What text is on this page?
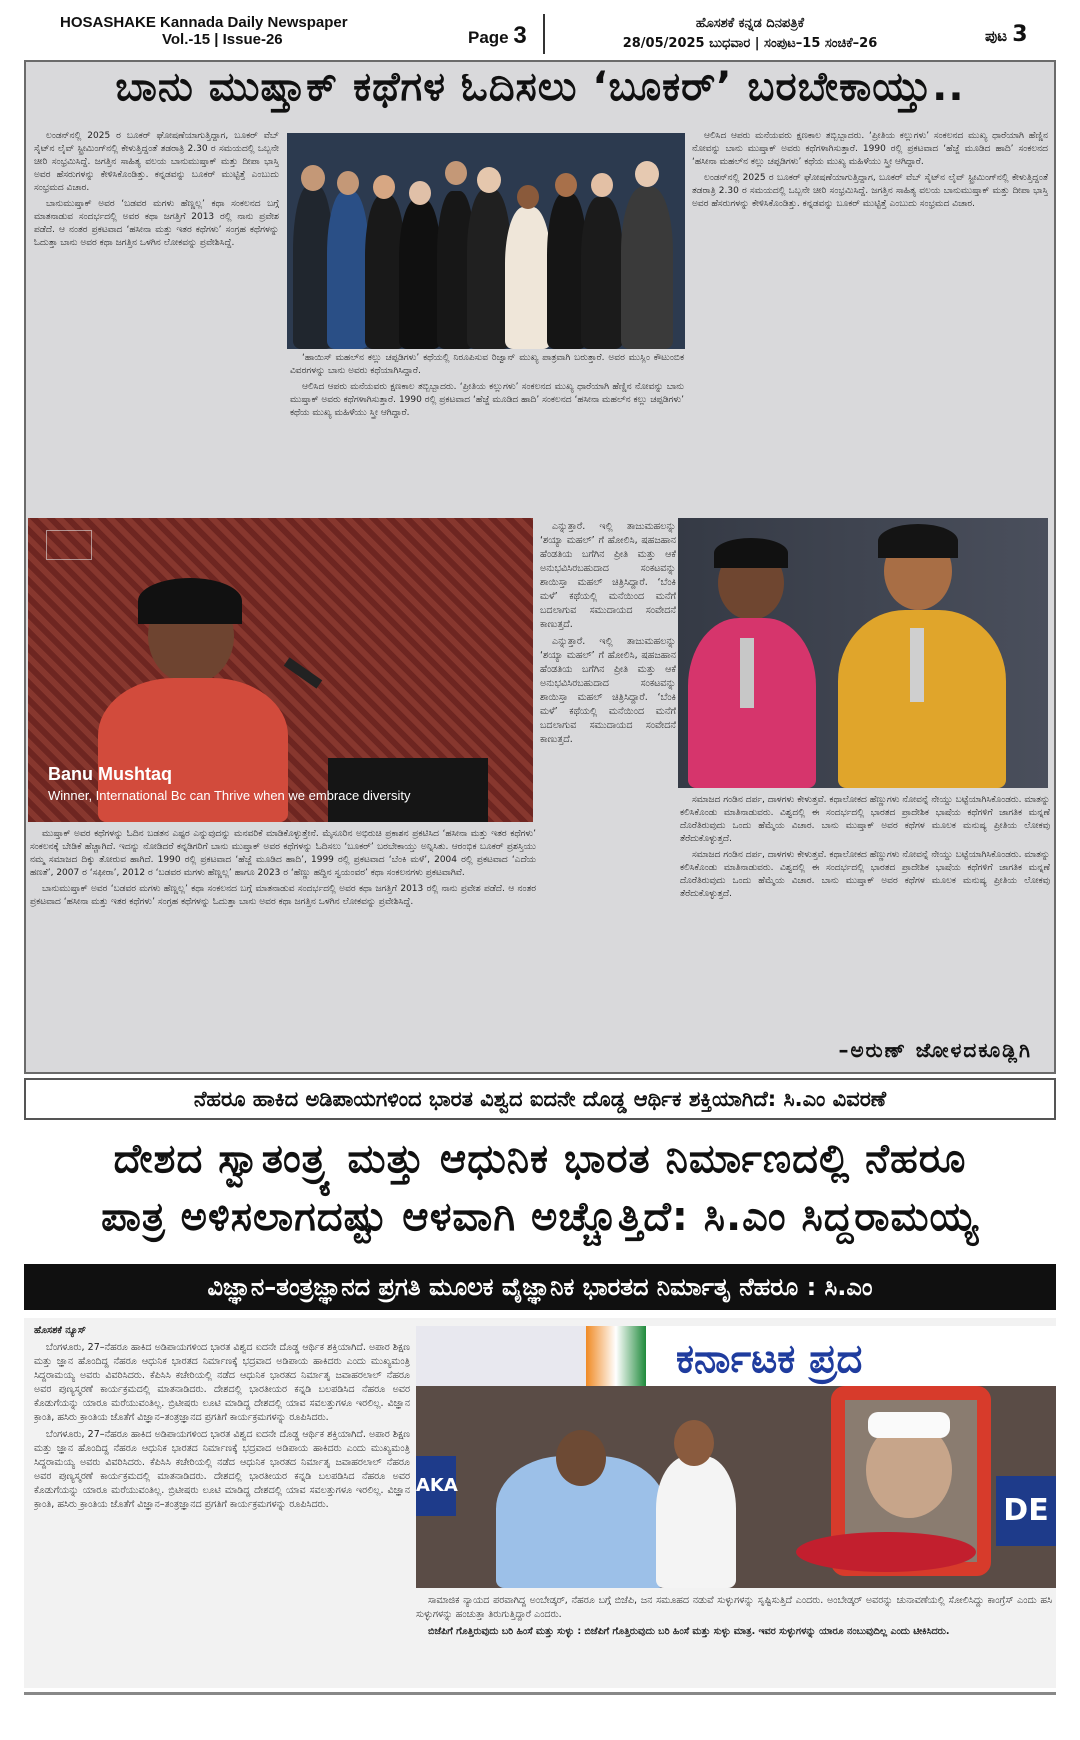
HOSASHAKE Kannada Daily Newspaper
Vol.-15 | Issue-26	Page 3	ಹೊಸಶಕೆ ಕನ್ನಡ ದಿನಪತ್ರಿಕೆ
28/05/2025 ಬುಧವಾರ | ಸಂಪುಟ–15 ಸಂಚಿಕೆ–26	ಪುಟ 3
ಬಾನು ಮುಷ್ತಾಕ್ ಕಥೆಗಳ ಓದಿಸಲು ‘ಬೂಕರ್’ ಬರಬೇಕಾಯ್ತು..

ಲಂಡನ್‌ನಲ್ಲಿ 2025 ರ ಬೂಕರ್ ಘೋಷಣೆಯಾಗುತ್ತಿದ್ದಾಗ, ಬೂಕರ್ ವೆಬ್ ಸೈಟ್‌ನ ಲೈವ್ ಸ್ಟ್ರೀಮಿಂಗ್‌ನಲ್ಲಿ ಕೇಳುತ್ತಿದ್ದಂತೆ ತಡರಾತ್ರಿ 2.30 ರ ಸಮಯದಲ್ಲಿ ಒಬ್ಬನೇ ಚೀರಿ ಸಂಭ್ರಮಿಸಿದ್ದೆ. ಜಗತ್ತಿನ ಸಾಹಿತ್ಯ ವಲಯ ಬಾನುಮುಷ್ತಾಕ್ ಮತ್ತು ದೀಪಾ ಭಾಸ್ತಿ ಅವರ ಹೆಸರುಗಳನ್ನು ಕೇಳಿಸಿಕೊಂಡಿತ್ತು. ಕನ್ನಡವನ್ನು ಬೂಕರ್ ಮುಟ್ಟಿತ್ತೆ ಎಂಬುದು ಸಂಭ್ರಮದ ವಿಚಾರ.

ಬಾನುಮುಷ್ತಾಕ್ ಅವರ ‘ಬಡವರ ಮಗಳು ಹೆಣ್ಣಲ್ಲ’ ಕಥಾ ಸಂಕಲನದ ಬಗ್ಗೆ ಮಾತನಾಡುವ ಸಂದರ್ಭದಲ್ಲಿ ಅವರ ಕಥಾ ಜಗತ್ತಿಗೆ 2013 ರಲ್ಲಿ ನಾನು ಪ್ರವೇಶ ಪಡೆದೆ. ಆ ನಂತರ ಪ್ರಕಟವಾದ ‘ಹಸೀನಾ ಮತ್ತು ಇತರ ಕಥೆಗಳು’ ಸಂಗ್ರಹ ಕಥೆಗಳನ್ನು ಓದುತ್ತಾ ಬಾನು ಅವರ ಕಥಾ ಜಗತ್ತಿನ ಒಳಗಿನ ಲೋಕವನ್ನು ಪ್ರವೇಶಿಸಿದ್ದೆ.

‘ಹಾಯಿಸ್ ಮಹಲ್‌ನ ಕಲ್ಲು ಚಪ್ಪಡಿಗಳು’ ಕಥೆಯಲ್ಲಿ ನಿರೂಪಿಸುವ ರಿಜ್ವಾನ್ ಮುಖ್ಯ ಪಾತ್ರವಾಗಿ ಬರುತ್ತಾರೆ. ಅವರ ಮುಸ್ಲಿಂ ಕೌಟುಂಬಿಕ ವಿವರಗಳನ್ನು ಬಾನು ಅವರು ಕಥೆಯಾಗಿಸಿದ್ದಾರೆ.

ಆಲಿಸಿದ ಆಪರು ಮನೆಯವರು ಕ್ಷಣಕಾಲ ತಬ್ಬಿಬ್ಬಾದರು. ‘ಪ್ರೀತಿಯ ಕಲ್ಲುಗಳು’ ಸಂಕಲನದ ಮುಖ್ಯ ಧಾರೆಯಾಗಿ ಹೆಣ್ಣಿನ ನೋವನ್ನು ಬಾನು ಮುಷ್ತಾಕ್ ಅವರು ಕಥೆಗಳಾಗಿಸುತ್ತಾರೆ. 1990 ರಲ್ಲಿ ಪ್ರಕಟವಾದ ‘ಹೆಜ್ಜೆ ಮೂಡಿದ ಹಾದಿ’ ಸಂಕಲನದ ‘ಹಸೀನಾ ಮಹಲ್‌ನ ಕಲ್ಲು ಚಪ್ಪಡಿಗಳು’ ಕಥೆಯ ಮುಖ್ಯ ಮಹಿಳೆಯು ಸ್ತ್ರೀ ಆಗಿದ್ದಾರೆ.

ಆಲಿಸಿದ ಆಪರು ಮನೆಯವರು ಕ್ಷಣಕಾಲ ತಬ್ಬಿಬ್ಬಾದರು. ‘ಪ್ರೀತಿಯ ಕಲ್ಲುಗಳು’ ಸಂಕಲನದ ಮುಖ್ಯ ಧಾರೆಯಾಗಿ ಹೆಣ್ಣಿನ ನೋವನ್ನು ಬಾನು ಮುಷ್ತಾಕ್ ಅವರು ಕಥೆಗಳಾಗಿಸುತ್ತಾರೆ. 1990 ರಲ್ಲಿ ಪ್ರಕಟವಾದ ‘ಹೆಜ್ಜೆ ಮೂಡಿದ ಹಾದಿ’ ಸಂಕಲನದ ‘ಹಸೀನಾ ಮಹಲ್‌ನ ಕಲ್ಲು ಚಪ್ಪಡಿಗಳು’ ಕಥೆಯ ಮುಖ್ಯ ಮಹಿಳೆಯು ಸ್ತ್ರೀ ಆಗಿದ್ದಾರೆ.

ಲಂಡನ್‌ನಲ್ಲಿ 2025 ರ ಬೂಕರ್ ಘೋಷಣೆಯಾಗುತ್ತಿದ್ದಾಗ, ಬೂಕರ್ ವೆಬ್ ಸೈಟ್‌ನ ಲೈವ್ ಸ್ಟ್ರೀಮಿಂಗ್‌ನಲ್ಲಿ ಕೇಳುತ್ತಿದ್ದಂತೆ ತಡರಾತ್ರಿ 2.30 ರ ಸಮಯದಲ್ಲಿ ಒಬ್ಬನೇ ಚೀರಿ ಸಂಭ್ರಮಿಸಿದ್ದೆ. ಜಗತ್ತಿನ ಸಾಹಿತ್ಯ ವಲಯ ಬಾನುಮುಷ್ತಾಕ್ ಮತ್ತು ದೀಪಾ ಭಾಸ್ತಿ ಅವರ ಹೆಸರುಗಳನ್ನು ಕೇಳಿಸಿಕೊಂಡಿತ್ತು. ಕನ್ನಡವನ್ನು ಬೂಕರ್ ಮುಟ್ಟಿತ್ತೆ ಎಂಬುದು ಸಂಭ್ರಮದ ವಿಚಾರ.

Banu Mushtaq
Winner, International Bc can Thrive when we embrace diversity

ಎನ್ನುತ್ತಾರೆ. ಇಲ್ಲಿ ತಾಜುಮಹಲನ್ನು ‘ಶಯ್ಯಾ ಮಹಲ್’ ಗೆ ಹೋಲಿಸಿ, ಷಹಜಹಾನ ಹೆಂಡತಿಯ ಬಗೆಗಿನ ಪ್ರೀತಿ ಮತ್ತು ಆಕೆ ಅನುಭವಿಸಿರಬಹುದಾದ ಸಂಕಟವನ್ನು ಶಾಯಿಸ್ತಾ ಮಹಲ್ ಚಿತ್ರಿಸಿದ್ದಾರೆ. ‘ಬೆಂಕಿ ಮಳೆ’ ಕಥೆಯಲ್ಲಿ ಮನೆಯಿಂದ ಮನೆಗೆ ಬದಲಾಗುವ ಸಮುದಾಯದ ಸಂವೇದನೆ ಕಾಣುತ್ತದೆ.

ಎನ್ನುತ್ತಾರೆ. ಇಲ್ಲಿ ತಾಜುಮಹಲನ್ನು ‘ಶಯ್ಯಾ ಮಹಲ್’ ಗೆ ಹೋಲಿಸಿ, ಷಹಜಹಾನ ಹೆಂಡತಿಯ ಬಗೆಗಿನ ಪ್ರೀತಿ ಮತ್ತು ಆಕೆ ಅನುಭವಿಸಿರಬಹುದಾದ ಸಂಕಟವನ್ನು ಶಾಯಿಸ್ತಾ ಮಹಲ್ ಚಿತ್ರಿಸಿದ್ದಾರೆ. ‘ಬೆಂಕಿ ಮಳೆ’ ಕಥೆಯಲ್ಲಿ ಮನೆಯಿಂದ ಮನೆಗೆ ಬದಲಾಗುವ ಸಮುದಾಯದ ಸಂವೇದನೆ ಕಾಣುತ್ತದೆ.

ಸಮಾಜದ ಗಂಡಿನ ದರ್ಪ, ದಾಳಗಳು ಕೇಳುತ್ತವೆ. ಕಥಾಲೋಕದ ಹೆಣ್ಣುಗಳು ನೋವನ್ನೆ ನೇಯ್ದು ಬಟ್ಟೆಯಾಗಿಸಿಕೊಂಡರು. ಮಾತನ್ನು ಕಲಿಸಿಕೊಂಡು ಮಾತಿನಾಡುವರು. ವಿಶ್ವದಲ್ಲಿ ಈ ಸಂದರ್ಭದಲ್ಲಿ ಭಾರತದ ಪ್ರಾದೇಶಿಕ ಭಾಷೆಯ ಕಥೆಗಳಿಗೆ ಜಾಗತಿಕ ಮನ್ನಣೆ ದೊರೆತಿರುವುದು ಒಂದು ಹೆಮ್ಮೆಯ ವಿಚಾರ. ಬಾನು ಮುಷ್ತಾಕ್ ಅವರ ಕಥೆಗಳ ಮೂಲಕ ಮನುಷ್ಯ ಪ್ರೀತಿಯ ಲೋಕವು ತೆರೆದುಕೊಳ್ಳುತ್ತದೆ.

ಸಮಾಜದ ಗಂಡಿನ ದರ್ಪ, ದಾಳಗಳು ಕೇಳುತ್ತವೆ. ಕಥಾಲೋಕದ ಹೆಣ್ಣುಗಳು ನೋವನ್ನೆ ನೇಯ್ದು ಬಟ್ಟೆಯಾಗಿಸಿಕೊಂಡರು. ಮಾತನ್ನು ಕಲಿಸಿಕೊಂಡು ಮಾತಿನಾಡುವರು. ವಿಶ್ವದಲ್ಲಿ ಈ ಸಂದರ್ಭದಲ್ಲಿ ಭಾರತದ ಪ್ರಾದೇಶಿಕ ಭಾಷೆಯ ಕಥೆಗಳಿಗೆ ಜಾಗತಿಕ ಮನ್ನಣೆ ದೊರೆತಿರುವುದು ಒಂದು ಹೆಮ್ಮೆಯ ವಿಚಾರ. ಬಾನು ಮುಷ್ತಾಕ್ ಅವರ ಕಥೆಗಳ ಮೂಲಕ ಮನುಷ್ಯ ಪ್ರೀತಿಯ ಲೋಕವು ತೆರೆದುಕೊಳ್ಳುತ್ತದೆ.

–ಅರುಣ್ ಜೋಳದಕೂಡ್ಲಿಗಿ

ಮುಷ್ತಾಕ್ ಅವರ ಕಥೆಗಳನ್ನು ಓದಿನ ಬಡತನ ಎಷ್ಟರ ಎನ್ನುವುದನ್ನು ಮನವರಿಕೆ ಮಾಡಿಕೊಳ್ಳುತ್ತೇನೆ. ಮೈಸೂರಿನ ಅಭಿರುಚಿ ಪ್ರಕಾಶನ ಪ್ರಕಟಿಸಿದ ‘ಹಸೀನಾ ಮತ್ತು ಇತರ ಕಥೆಗಳು’ ಸಂಕಲನಕ್ಕೆ ಬೇಡಿಕೆ ಹೆಚ್ಚಾಗಿದೆ. ಇದನ್ನು ನೋಡಿದರೆ ಕನ್ನಡಿಗರಿಗೆ ಬಾನು ಮುಷ್ತಾಕ್ ಅವರ ಕಥೆಗಳನ್ನು ಓದಿಸಲು ‘ಬೂಕರ್’ ಬರಬೇಕಾಯ್ತು ಅನ್ನಿಸಿತು. ಆರಂಭಿಕ ಬೂಕರ್ ಪ್ರಶಸ್ತಿಯು ನಮ್ಮ ಸಮಾಜದ ದಿಕ್ಕು ತೋರುವ ಹಾಗಿದೆ. 1990 ರಲ್ಲಿ ಪ್ರಕಟವಾದ ‘ಹೆಜ್ಜೆ ಮೂಡಿದ ಹಾದಿ’, 1999 ರಲ್ಲಿ ಪ್ರಕಟವಾದ ‘ಬೆಂಕಿ ಮಳೆ’, 2004 ರಲ್ಲಿ ಪ್ರಕಟವಾದ ‘ಎದೆಯ ಹಣತೆ’, 2007 ರ ‘ಸಫೀರಾ’, 2012 ರ ‘ಬಡವರ ಮಗಳು ಹೆಣ್ಣಲ್ಲ’ ಹಾಗೂ 2023 ರ ‘ಹೆಣ್ಣು ಹದ್ದಿನ ಸ್ವಯಂವರ’ ಕಥಾ ಸಂಕಲನಗಳು ಪ್ರಕಟವಾಗಿವೆ.

ಬಾನುಮುಷ್ತಾಕ್ ಅವರ ‘ಬಡವರ ಮಗಳು ಹೆಣ್ಣಲ್ಲ’ ಕಥಾ ಸಂಕಲನದ ಬಗ್ಗೆ ಮಾತನಾಡುವ ಸಂದರ್ಭದಲ್ಲಿ ಅವರ ಕಥಾ ಜಗತ್ತಿಗೆ 2013 ರಲ್ಲಿ ನಾನು ಪ್ರವೇಶ ಪಡೆದೆ. ಆ ನಂತರ ಪ್ರಕಟವಾದ ‘ಹಸೀನಾ ಮತ್ತು ಇತರ ಕಥೆಗಳು’ ಸಂಗ್ರಹ ಕಥೆಗಳನ್ನು ಓದುತ್ತಾ ಬಾನು ಅವರ ಕಥಾ ಜಗತ್ತಿನ ಒಳಗಿನ ಲೋಕವನ್ನು ಪ್ರವೇಶಿಸಿದ್ದೆ.

ನೆಹರೂ ಹಾಕಿದ ಅಡಿಪಾಯಗಳಿಂದ ಭಾರತ ವಿಶ್ವದ ಐದನೇ ದೊಡ್ಡ ಆರ್ಥಿಕ ಶಕ್ತಿಯಾಗಿದೆ: ಸಿ.ಎಂ ವಿವರಣೆ
ದೇಶದ ಸ್ವಾತಂತ್ರ್ಯ ಮತ್ತು ಆಧುನಿಕ ಭಾರತ ನಿರ್ಮಾಣದಲ್ಲಿ ನೆಹರೂ
ಪಾತ್ರ ಅಳಿಸಲಾಗದಷ್ಟು ಆಳವಾಗಿ ಅಚ್ಚೊತ್ತಿದೆ: ಸಿ.ಎಂ ಸಿದ್ದರಾಮಯ್ಯ
ವಿಜ್ಞಾನ–ತಂತ್ರಜ್ಞಾನದ ಪ್ರಗತಿ ಮೂಲಕ ವೈಜ್ಞಾನಿಕ ಭಾರತದ ನಿರ್ಮಾತೃ ನೆಹರೂ : ಸಿ.ಎಂ
ಹೊಸಶಕೆ ನ್ಯೂಸ್

ಬೆಂಗಳೂರು, 27–ನೆಹರೂ ಹಾಕಿದ ಅಡಿಪಾಯಗಳಿಂದ ಭಾರತ ವಿಶ್ವದ ಐದನೇ ದೊಡ್ಡ ಆರ್ಥಿಕ ಶಕ್ತಿಯಾಗಿದೆ. ಅಪಾರ ಶಿಕ್ಷಣ ಮತ್ತು ಜ್ಞಾನ ಹೊಂದಿದ್ದ ನೆಹರೂ ಆಧುನಿಕ ಭಾರತದ ನಿರ್ಮಾಣಕ್ಕೆ ಭದ್ರವಾದ ಅಡಿಪಾಯ ಹಾಕಿದರು ಎಂದು ಮುಖ್ಯಮಂತ್ರಿ ಸಿದ್ದರಾಮಯ್ಯ ಅವರು ವಿವರಿಸಿದರು. ಕೆಪಿಸಿಸಿ ಕಚೇರಿಯಲ್ಲಿ ನಡೆದ ಆಧುನಿಕ ಭಾರತದ ನಿರ್ಮಾತೃ ಜವಾಹರಲಾಲ್ ನೆಹರೂ ಅವರ ಪುಣ್ಯಸ್ಮರಣೆ ಕಾರ್ಯಕ್ರಮದಲ್ಲಿ ಮಾತನಾಡಿದರು. ದೇಶದಲ್ಲಿ ಭಾರತೀಯರ ಕನ್ನಡಿ ಬಲಪಡಿಸಿದ ನೆಹರೂ ಅವರ ಕೊಡುಗೆಯನ್ನು ಯಾರೂ ಮರೆಯುವಂತಿಲ್ಲ. ಬ್ರಿಟೀಷರು ಲೂಟಿ ಮಾಡಿದ್ದ ದೇಶದಲ್ಲಿ ಯಾವ ಸವಲತ್ತುಗಳೂ ಇರಲಿಲ್ಲ. ವಿಜ್ಞಾನ ಕ್ರಾಂತಿ, ಹಸಿರು ಕ್ರಾಂತಿಯ ಜೊತೆಗೆ ವಿಜ್ಞಾನ–ತಂತ್ರಜ್ಞಾನದ ಪ್ರಗತಿಗೆ ಕಾರ್ಯಕ್ರಮಗಳನ್ನು ರೂಪಿಸಿದರು.

ಬೆಂಗಳೂರು, 27–ನೆಹರೂ ಹಾಕಿದ ಅಡಿಪಾಯಗಳಿಂದ ಭಾರತ ವಿಶ್ವದ ಐದನೇ ದೊಡ್ಡ ಆರ್ಥಿಕ ಶಕ್ತಿಯಾಗಿದೆ. ಅಪಾರ ಶಿಕ್ಷಣ ಮತ್ತು ಜ್ಞಾನ ಹೊಂದಿದ್ದ ನೆಹರೂ ಆಧುನಿಕ ಭಾರತದ ನಿರ್ಮಾಣಕ್ಕೆ ಭದ್ರವಾದ ಅಡಿಪಾಯ ಹಾಕಿದರು ಎಂದು ಮುಖ್ಯಮಂತ್ರಿ ಸಿದ್ದರಾಮಯ್ಯ ಅವರು ವಿವರಿಸಿದರು. ಕೆಪಿಸಿಸಿ ಕಚೇರಿಯಲ್ಲಿ ನಡೆದ ಆಧುನಿಕ ಭಾರತದ ನಿರ್ಮಾತೃ ಜವಾಹರಲಾಲ್ ನೆಹರೂ ಅವರ ಪುಣ್ಯಸ್ಮರಣೆ ಕಾರ್ಯಕ್ರಮದಲ್ಲಿ ಮಾತನಾಡಿದರು. ದೇಶದಲ್ಲಿ ಭಾರತೀಯರ ಕನ್ನಡಿ ಬಲಪಡಿಸಿದ ನೆಹರೂ ಅವರ ಕೊಡುಗೆಯನ್ನು ಯಾರೂ ಮರೆಯುವಂತಿಲ್ಲ. ಬ್ರಿಟೀಷರು ಲೂಟಿ ಮಾಡಿದ್ದ ದೇಶದಲ್ಲಿ ಯಾವ ಸವಲತ್ತುಗಳೂ ಇರಲಿಲ್ಲ. ವಿಜ್ಞಾನ ಕ್ರಾಂತಿ, ಹಸಿರು ಕ್ರಾಂತಿಯ ಜೊತೆಗೆ ವಿಜ್ಞಾನ–ತಂತ್ರಜ್ಞಾನದ ಪ್ರಗತಿಗೆ ಕಾರ್ಯಕ್ರಮಗಳನ್ನು ರೂಪಿಸಿದರು.

ಕರ್ನಾಟಕ ಪ್ರದ
AKA
DE

ಸಾಮಾಜಿಕ ನ್ಯಾಯದ ಪರವಾಗಿದ್ದ ಅಂಬೇಡ್ಕರ್, ನೆಹರೂ ಬಗ್ಗೆ ಬಿಜೆಪಿ, ಜನ ಸಮೂಹದ ನಡುವೆ ಸುಳ್ಳುಗಳನ್ನು ಸೃಷ್ಟಿಸುತ್ತಿದೆ ಎಂದರು. ಅಂಬೇಡ್ಕರ್ ಅವರನ್ನು ಚುನಾವಣೆಯಲ್ಲಿ ಸೋಲಿಸಿದ್ದು ಕಾಂಗ್ರೆಸ್ ಎಂದು ಹಸಿ ಸುಳ್ಳುಗಳನ್ನು ಹಂಚುತ್ತಾ ತಿರುಗುತ್ತಿದ್ದಾರೆ ಎಂದರು.

ಬಿಜೆಪಿಗೆ ಗೊತ್ತಿರುವುದು ಬರಿ ಹಿಂಸೆ ಮತ್ತು ಸುಳ್ಳು : ಬಿಜೆಪಿಗೆ ಗೊತ್ತಿರುವುದು ಬರಿ ಹಿಂಸೆ ಮತ್ತು ಸುಳ್ಳು ಮಾತ್ರ. ಇವರ ಸುಳ್ಳುಗಳನ್ನು ಯಾರೂ ನಂಬುವುದಿಲ್ಲ ಎಂದು ಟೀಕಿಸಿದರು.
